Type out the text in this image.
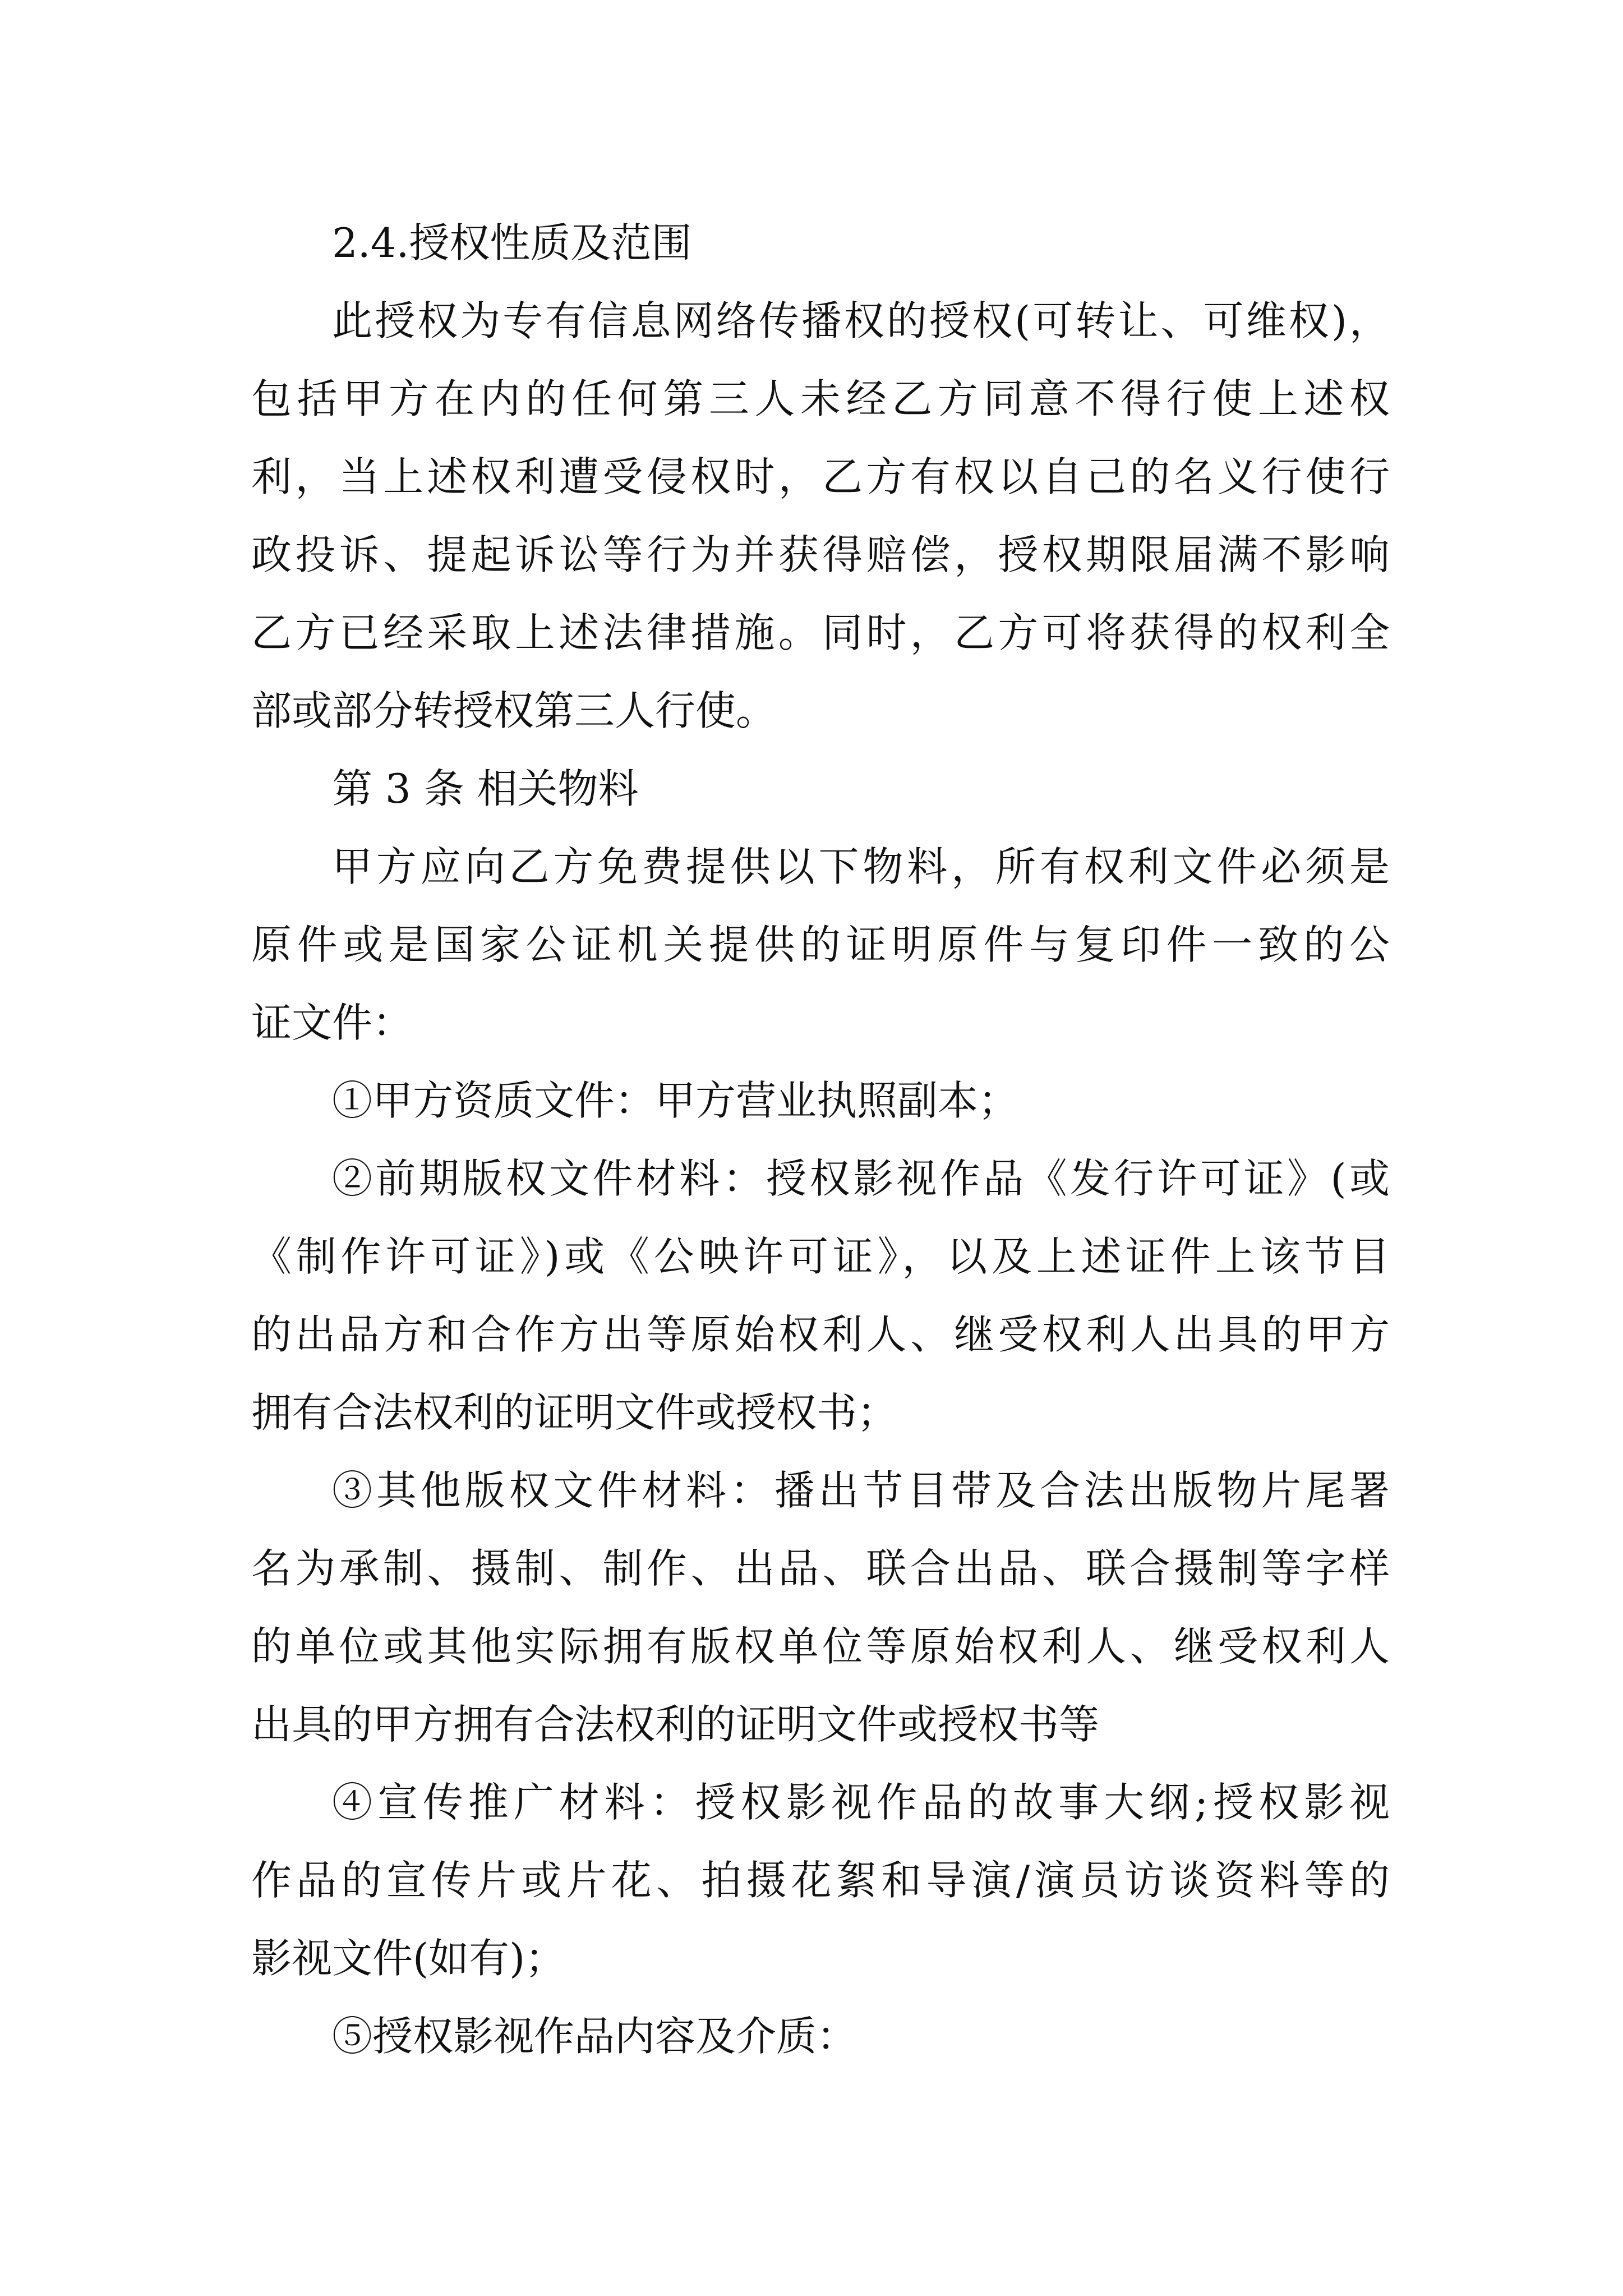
2.4.授权性质及范围

此授权为专有信息网络传播权的授权(可转让、可维权)，

包括甲方在内的任何第三人未经乙方同意不得行使上述权

利，当上述权利遭受侵权时，乙方有权以自己的名义行使行

政投诉、提起诉讼等行为并获得赔偿，授权期限届满不影响

乙方已经采取上述法律措施。同时，乙方可将获得的权利全

部或部分转授权第三人行使。

第 3 条 相关物料

甲方应向乙方免费提供以下物料，所有权利文件必须是

原件或是国家公证机关提供的证明原件与复印件一致的公

证文件：

①甲方资质文件：甲方营业执照副本；

②前期版权文件材料：授权影视作品《发行许可证》(或

《制作许可证》)或《公映许可证》，以及上述证件上该节目

的出品方和合作方出等原始权利人、继受权利人出具的甲方

拥有合法权利的证明文件或授权书；

③其他版权文件材料：播出节目带及合法出版物片尾署

名为承制、摄制、制作、出品、联合出品、联合摄制等字样

的单位或其他实际拥有版权单位等原始权利人、继受权利人

出具的甲方拥有合法权利的证明文件或授权书等

④宣传推广材料：授权影视作品的故事大纲;授权影视

作品的宣传片或片花、拍摄花絮和导演/演员访谈资料等的

影视文件(如有)；

⑤授权影视作品内容及介质：
